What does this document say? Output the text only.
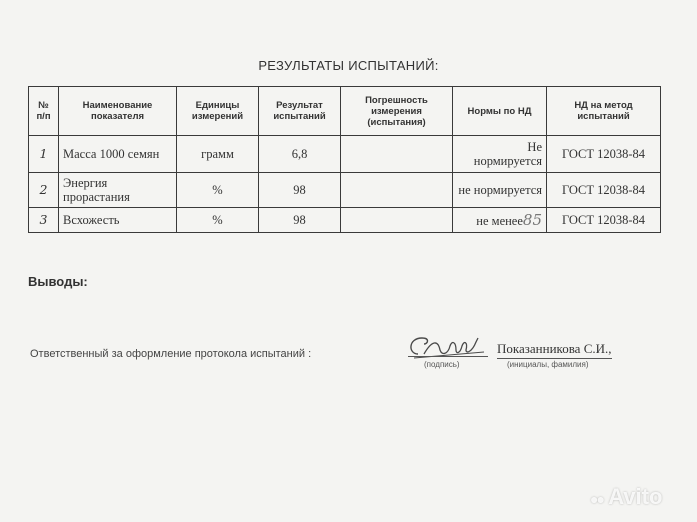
РЕЗУЛЬТАТЫ ИСПЫТАНИЙ:
№ п/п	Наименование показателя	Единицы измерений	Результат испытаний	Погрешность измерения (испытания)	Нормы по НД	НД на метод испытаний
1	Масса 1000 семян	грамм	6,8		Не нормируется	ГОСТ 12038-84
2	Энергия прорастания	%	98		не нормируется	ГОСТ 12038-84
3	Всхожесть	%	98		не менее85	ГОСТ 12038-84
Выводы:
Ответственный за оформление протокола испытаний :
(подпись)
Показанникова С.И.,
(инициалы, фамилия)
●● Avito
